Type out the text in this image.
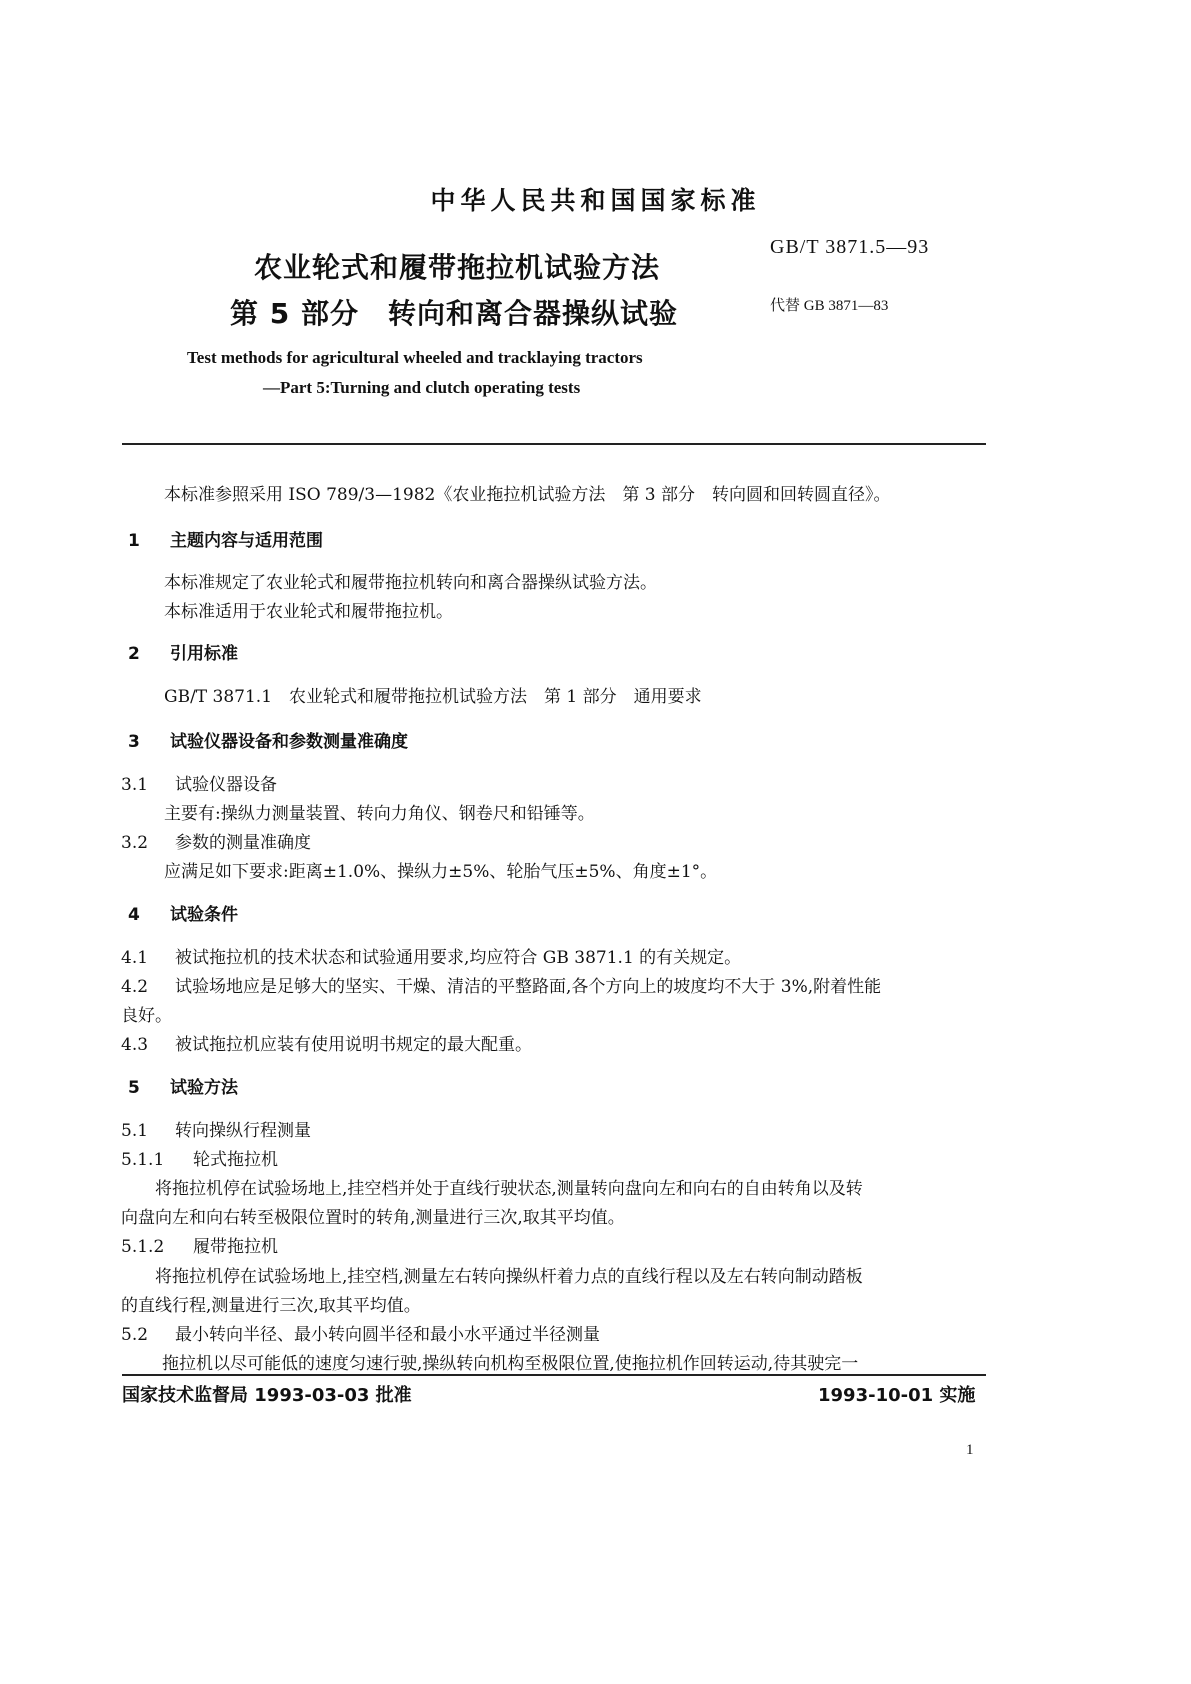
中华人民共和国国家标准
农业轮式和履带拖拉机试验方法
第 5 部分　转向和离合器操纵试验
GB/T 3871.5—93
代替 GB 3871—83
Test methods for agricultural wheeled and tracklaying tractors
—Part 5:Turning and clutch operating tests
本标准参照采用 ISO 789/3—1982《农业拖拉机试验方法　第 3 部分　转向圆和回转圆直径》。
1 主题内容与适用范围
本标准规定了农业轮式和履带拖拉机转向和离合器操纵试验方法。
本标准适用于农业轮式和履带拖拉机。
2 引用标准
GB/T 3871.1　农业轮式和履带拖拉机试验方法　第 1 部分　通用要求
3 试验仪器设备和参数测量准确度
3.1 试验仪器设备
主要有:操纵力测量装置、转向力角仪、钢卷尺和铅锤等。
3.2 参数的测量准确度
应满足如下要求:距离±1.0%、操纵力±5%、轮胎气压±5%、角度±1°。
4 试验条件
4.1 被试拖拉机的技术状态和试验通用要求,均应符合 GB 3871.1 的有关规定。
4.2 试验场地应是足够大的坚实、干燥、清洁的平整路面,各个方向上的坡度均不大于 3%,附着性能
良好。
4.3 被试拖拉机应装有使用说明书规定的最大配重。
5 试验方法
5.1 转向操纵行程测量
5.1.1 轮式拖拉机
将拖拉机停在试验场地上,挂空档并处于直线行驶状态,测量转向盘向左和向右的自由转角以及转
向盘向左和向右转至极限位置时的转角,测量进行三次,取其平均值。
5.1.2 履带拖拉机
将拖拉机停在试验场地上,挂空档,测量左右转向操纵杆着力点的直线行程以及左右转向制动踏板
的直线行程,测量进行三次,取其平均值。
5.2 最小转向半径、最小转向圆半径和最小水平通过半径测量
拖拉机以尽可能低的速度匀速行驶,操纵转向机构至极限位置,使拖拉机作回转运动,待其驶完一
国家技术监督局 1993-03-03 批准	1993-10-01 实施
1
